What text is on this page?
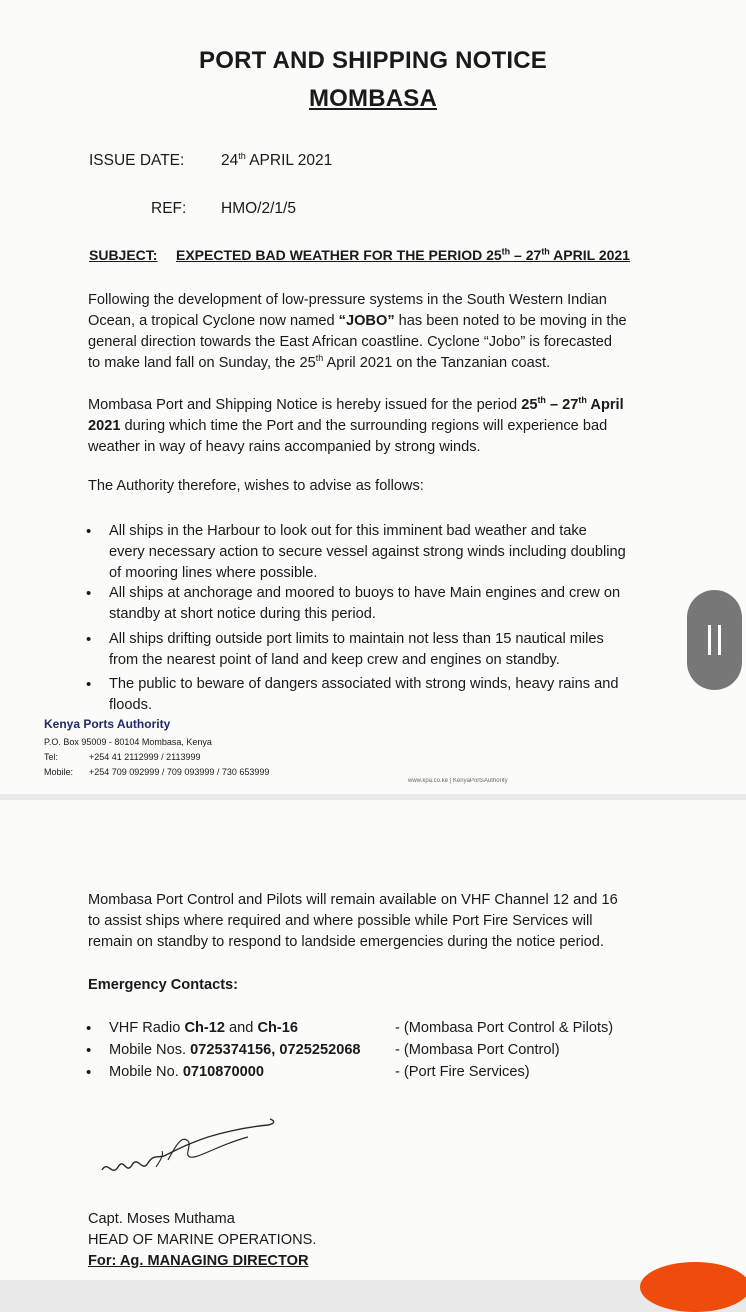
PORT AND SHIPPING NOTICE
MOMBASA
ISSUE DATE: 24th APRIL 2021
REF: HMO/2/1/5
SUBJECT: EXPECTED BAD WEATHER FOR THE PERIOD 25th – 27th APRIL 2021
Following the development of low-pressure systems in the South Western Indian
Ocean, a tropical Cyclone now named “JOBO” has been noted to be moving in the
general direction towards the East African coastline. Cyclone “Jobo” is forecasted
to make land fall on Sunday, the 25th April 2021 on the Tanzanian coast.
Mombasa Port and Shipping Notice is hereby issued for the period 25th – 27th April
2021 during which time the Port and the surrounding regions will experience bad
weather in way of heavy rains accompanied by strong winds.
The Authority therefore, wishes to advise as follows:
• All ships in the Harbour to look out for this imminent bad weather and take
every necessary action to secure vessel against strong winds including doubling
of mooring lines where possible.
• All ships at anchorage and moored to buoys to have Main engines and crew on
standby at short notice during this period.
• All ships drifting outside port limits to maintain not less than 15 nautical miles
from the nearest point of land and keep crew and engines on standby.
• The public to beware of dangers associated with strong winds, heavy rains and
floods.
Kenya Ports Authority
P.O. Box 95009 - 80104 Mombasa, Kenya
Tel:	+254 41 2112999 / 2113999
Mobile: +254 709 092999 / 709 093999 / 730 653999
www.kpa.co.ke | KenyaPortsAuthority
Mombasa Port Control and Pilots will remain available on VHF Channel 12 and 16
to assist ships where required and where possible while Port Fire Services will
remain on standby to respond to landside emergencies during the notice period.
Emergency Contacts:
• VHF Radio Ch-12 and Ch-16	- (Mombasa Port Control & Pilots)
• Mobile Nos. 0725374156, 0725252068	- (Mombasa Port Control)
• Mobile No. 0710870000	- (Port Fire Services)
Capt. Moses Muthama
HEAD OF MARINE OPERATIONS.
For: Ag. MANAGING DIRECTOR
